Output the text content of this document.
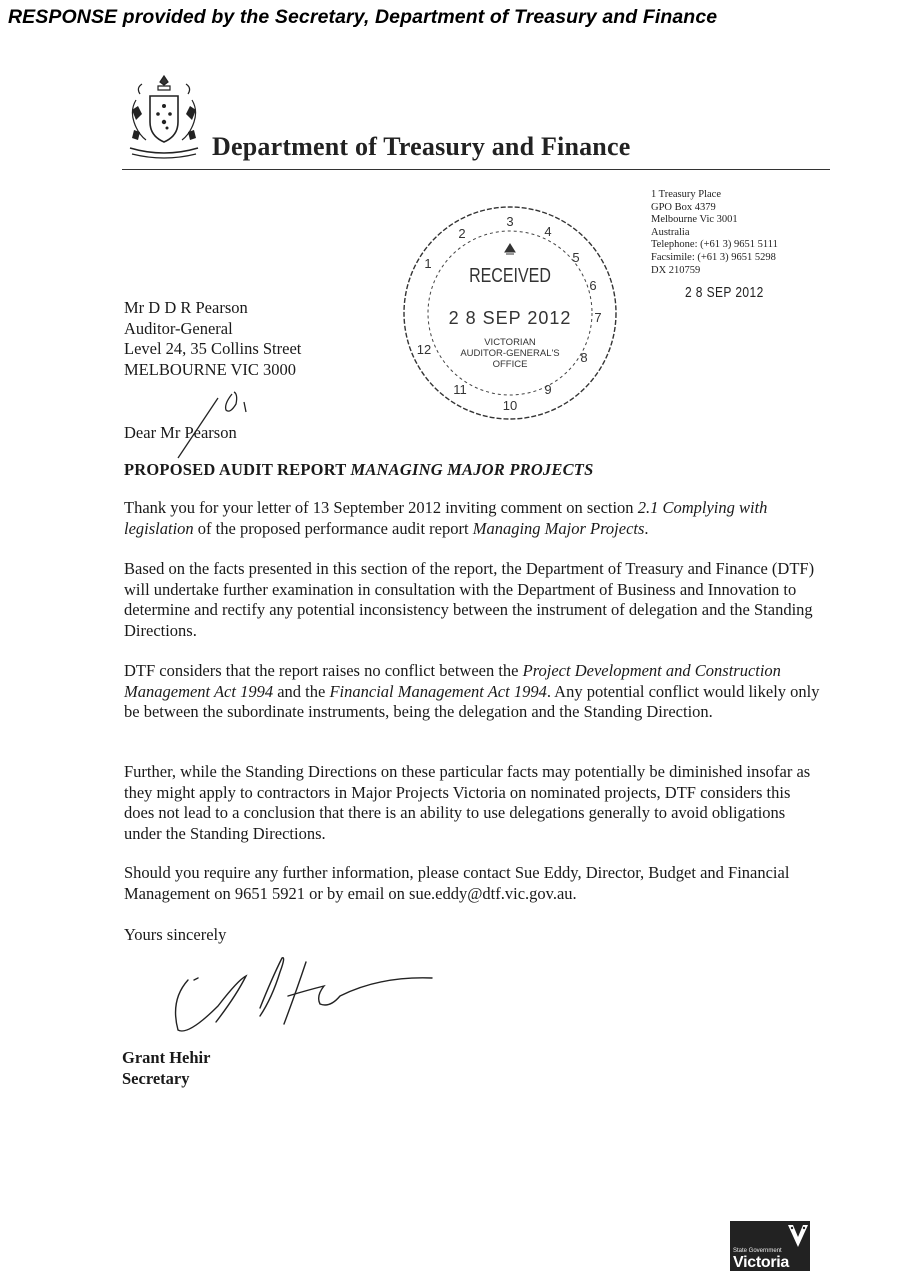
RESPONSE provided by the Secretary, Department of Treasury and Finance
Department of Treasury and Finance
1 Treasury Place
GPO Box 4379
Melbourne Vic 3001
Australia
Telephone: (+61 3) 9651 5111
Facsimile: (+61 3) 9651 5298
DX 210759
2 8 SEP 2012
3
4
5
6
7
8
9
10
11
12
1
2
RECEIVED
2 8 SEP 2012
VICTORIAN
AUDITOR-GENERAL'S
OFFICE
Mr D D R Pearson
Auditor-General
Level 24, 35 Collins Street
MELBOURNE VIC 3000
Dear Mr Pearson
PROPOSED AUDIT REPORT MANAGING MAJOR PROJECTS
Thank you for your letter of 13 September 2012 inviting comment on section 2.1 Complying with legislation of the proposed performance audit report Managing Major Projects.
Based on the facts presented in this section of the report, the Department of Treasury and Finance (DTF) will undertake further examination in consultation with the Department of Business and Innovation to determine and rectify any potential inconsistency between the instrument of delegation and the Standing Directions.
DTF considers that the report raises no conflict between the Project Development and Construction Management Act 1994 and the Financial Management Act 1994. Any potential conflict would likely only be between the subordinate instruments, being the delegation and the Standing Direction.
Further, while the Standing Directions on these particular facts may potentially be diminished insofar as they might apply to contractors in Major Projects Victoria on nominated projects, DTF considers this does not lead to a conclusion that there is an ability to use delegations generally to avoid obligations under the Standing Directions.
Should you require any further information, please contact Sue Eddy, Director, Budget and Financial Management on 9651 5921 or by email on sue.eddy@dtf.vic.gov.au.
Yours sincerely
Grant Hehir
Secretary
State Government
Victoria
